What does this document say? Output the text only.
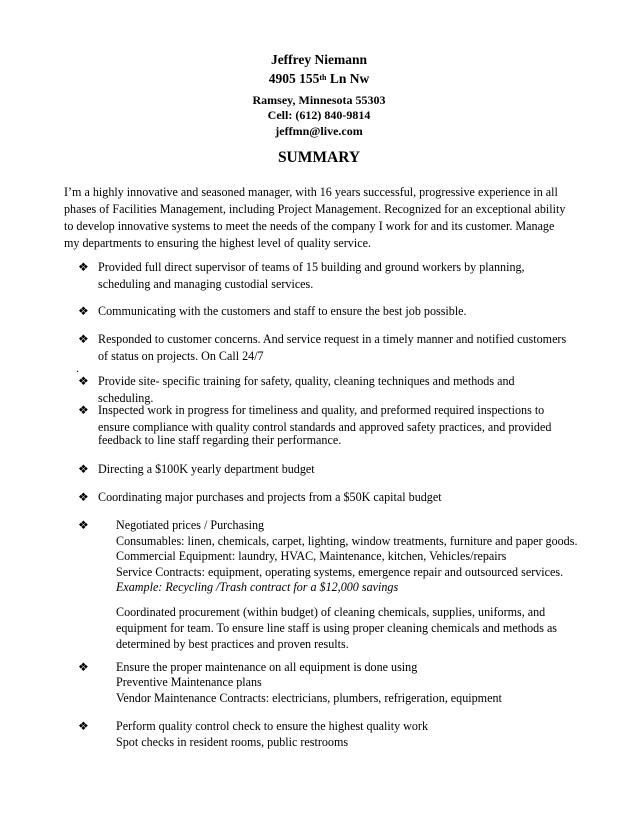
Jeffrey Niemann
4905 155th Ln Nw
Ramsey, Minnesota 55303
Cell: (612) 840-9814
jeffmn@live.com
SUMMARY
I’m a highly innovative and seasoned manager, with 16 years successful, progressive experience in all
phases of Facilities Management, including Project Management. Recognized for an exceptional ability
to develop innovative systems to meet the needs of the company I work for and its customer. Manage
my departments to ensuring the highest level of quality service.
❖ Provided full direct supervisor of teams of 15 building and ground workers by planning,
scheduling and managing custodial services.
❖ Communicating with the customers and staff to ensure the best job possible.
❖ Responded to customer concerns. And service request in a timely manner and notified customers
of status on projects. On Call 24/7
.
❖ Provide site- specific training for safety, quality, cleaning techniques and methods and
scheduling.
❖ Inspected work in progress for timeliness and quality, and preformed required inspections to
ensure compliance with quality control standards and approved safety practices, and provided
feedback to line staff regarding their performance.
❖ Directing a $100K yearly department budget
❖ Coordinating major purchases and projects from a $50K capital budget
❖ Negotiated prices / Purchasing
Consumables: linen, chemicals, carpet, lighting, window treatments, furniture and paper goods.
Commercial Equipment: laundry, HVAC, Maintenance, kitchen, Vehicles/repairs
Service Contracts: equipment, operating systems, emergence repair and outsourced services.
Example: Recycling /Trash contract for a $12,000 savings
Coordinated procurement (within budget) of cleaning chemicals, supplies, uniforms, and
equipment for team. To ensure line staff is using proper cleaning chemicals and methods as
determined by best practices and proven results.
❖ Ensure the proper maintenance on all equipment is done using
Preventive Maintenance plans
Vendor Maintenance Contracts: electricians, plumbers, refrigeration, equipment
❖ Perform quality control check to ensure the highest quality work
Spot checks in resident rooms, public restrooms
